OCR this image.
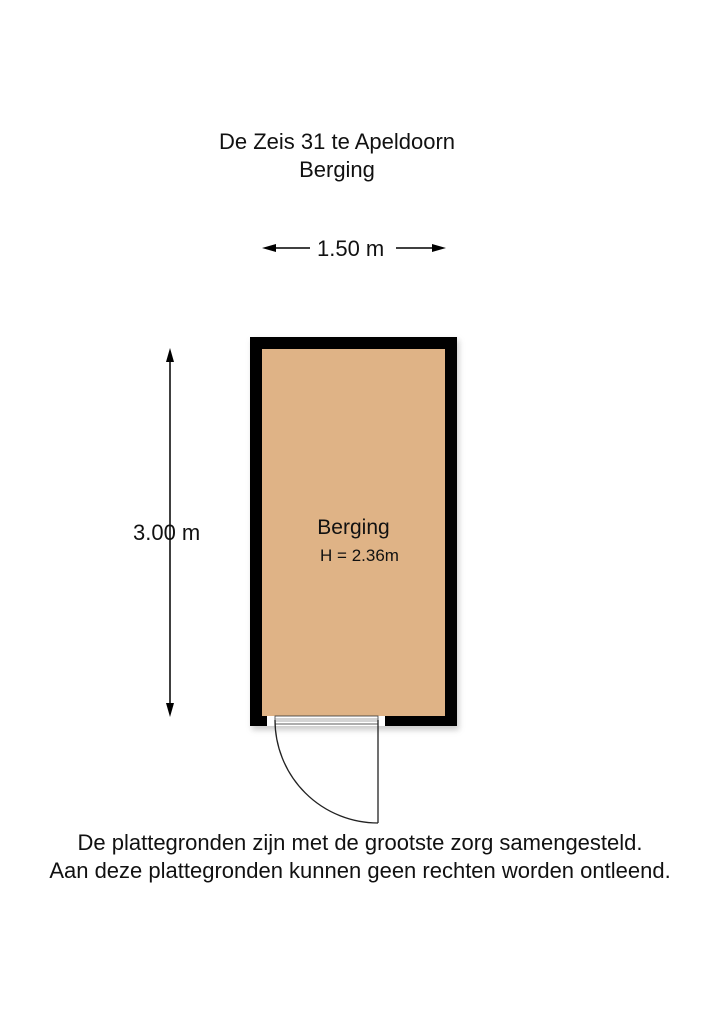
De Zeis 31 te Apeldoorn
Berging
1.50 m
3.00 m	Berging
H = 2.36m
De plattegronden zijn met de grootste zorg samengesteld.
Aan deze plattegronden kunnen geen rechten worden ontleend.
